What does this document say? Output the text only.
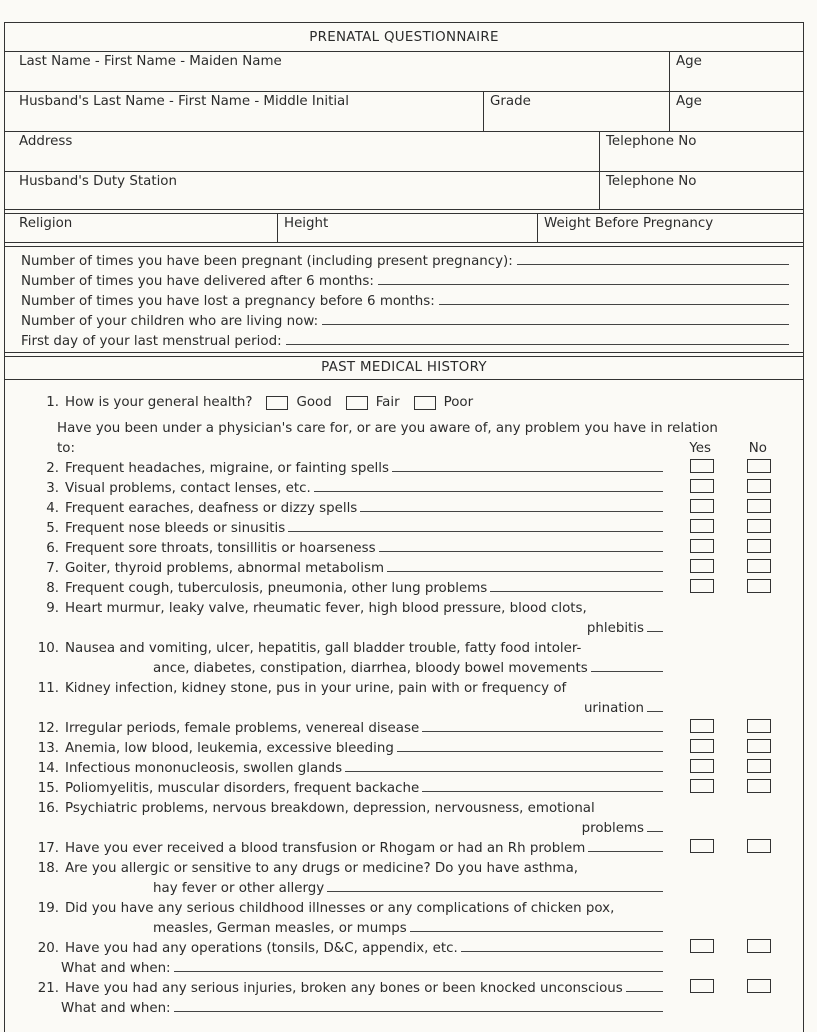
PRENATAL QUESTIONNAIRE
Last Name - First Name - Maiden Name	Age
Husband's Last Name - First Name - Middle Initial	Grade	Age
Address	Telephone No
Husband's Duty Station	Telephone No
Religion	Height	Weight Before Pregnancy
Number of times you have been pregnant (including present pregnancy):
Number of times you have delivered after 6 months:
Number of times you have lost a pregnancy before 6 months:
Number of your children who are living now:
First day of your last menstrual period:
PAST MEDICAL HISTORY
1. How is your general health?	Good	Fair	Poor
Have you been under a physician's care for, or are you aware of, any problem you have in relation
to:	Yes	No
2. Frequent headaches, migraine, or fainting spells
3. Visual problems, contact lenses, etc.
4. Frequent earaches, deafness or dizzy spells
5. Frequent nose bleeds or sinusitis
6. Frequent sore throats, tonsillitis or hoarseness
7. Goiter, thyroid problems, abnormal metabolism
8. Frequent cough, tuberculosis, pneumonia, other lung problems
9. Heart murmur, leaky valve, rheumatic fever, high blood pressure, blood clots,
phlebitis
10. Nausea and vomiting, ulcer, hepatitis, gall bladder trouble, fatty food intoler-
ance, diabetes, constipation, diarrhea, bloody bowel movements
11. Kidney infection, kidney stone, pus in your urine, pain with or frequency of
urination
12. Irregular periods, female problems, venereal disease
13. Anemia, low blood, leukemia, excessive bleeding
14. Infectious mononucleosis, swollen glands
15. Poliomyelitis, muscular disorders, frequent backache
16. Psychiatric problems, nervous breakdown, depression, nervousness, emotional
problems
17. Have you ever received a blood transfusion or Rhogam or had an Rh problem
18. Are you allergic or sensitive to any drugs or medicine? Do you have asthma,
hay fever or other allergy
19. Did you have any serious childhood illnesses or any complications of chicken pox,
measles, German measles, or mumps
20. Have you had any operations (tonsils, D&C, appendix, etc.
What and when:
21. Have you had any serious injuries, broken any bones or been knocked unconscious
What and when:
